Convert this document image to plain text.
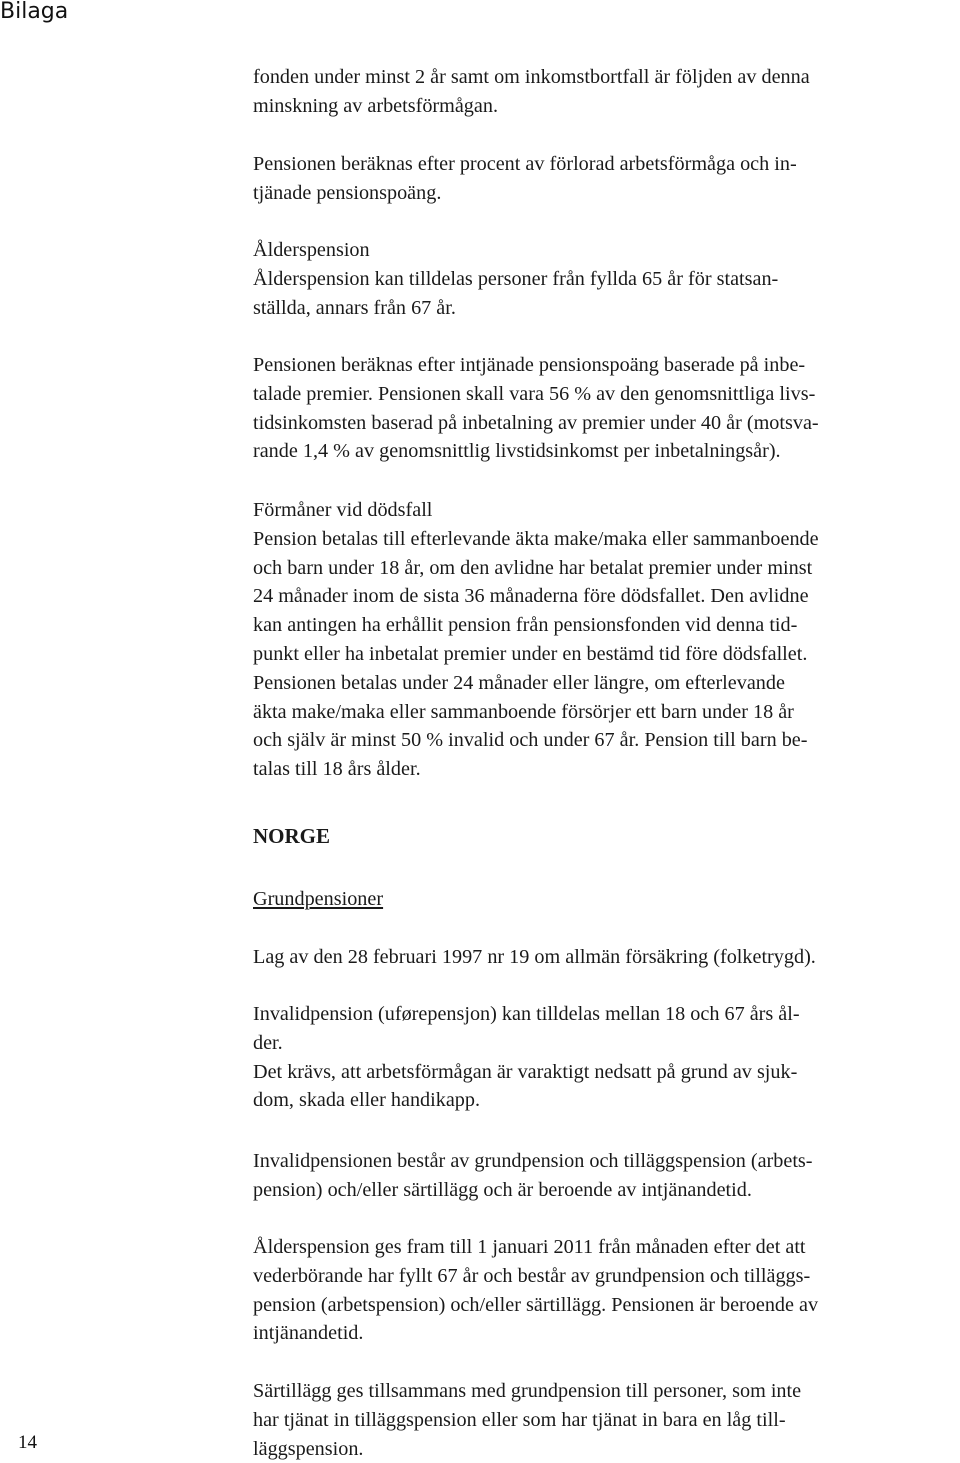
Bilaga
fonden under minst 2 år samt om inkomstbortfall är följden av denna
minskning av arbetsförmågan.
Pensionen beräknas efter procent av förlorad arbetsförmåga och in-
tjänade pensionspoäng.
Ålderspension
Ålderspension kan tilldelas personer från fyllda 65 år för statsan-
ställda, annars från 67 år.
Pensionen beräknas efter intjänade pensionspoäng baserade på inbe-
talade premier. Pensionen skall vara 56 % av den genomsnittliga livs-
tidsinkomsten baserad på inbetalning av premier under 40 år (motsva-
rande 1,4 % av genomsnittlig livstidsinkomst per inbetalningsår).
Förmåner vid dödsfall
Pension betalas till efterlevande äkta make/maka eller sammanboende
och barn under 18 år, om den avlidne har betalat premier under minst
24 månader inom de sista 36 månaderna före dödsfallet. Den avlidne
kan antingen ha erhållit pension från pensionsfonden vid denna tid-
punkt eller ha inbetalat premier under en bestämd tid före dödsfallet.
Pensionen betalas under 24 månader eller längre, om efterlevande
äkta make/maka eller sammanboende försörjer ett barn under 18 år
och själv är minst 50 % invalid och under 67 år. Pension till barn be-
talas till 18 års ålder.
NORGE
Grundpensioner
Lag av den 28 februari 1997 nr 19 om allmän försäkring (folketrygd).
Invalidpension (uførepensjon) kan tilldelas mellan 18 och 67 års ål-
der.
Det krävs, att arbetsförmågan är varaktigt nedsatt på grund av sjuk-
dom, skada eller handikapp.
Invalidpensionen består av grundpension och tilläggspension (arbets-
pension) och/eller särtillägg och är beroende av intjänandetid.
Ålderspension ges fram till 1 januari 2011 från månaden efter det att
vederbörande har fyllt 67 år och består av grundpension och tilläggs-
pension (arbetspension) och/eller särtillägg. Pensionen är beroende av
intjänandetid.
Särtillägg ges tillsammans med grundpension till personer, som inte
har tjänat in tilläggspension eller som har tjänat in bara en låg till-
läggspension.
14
